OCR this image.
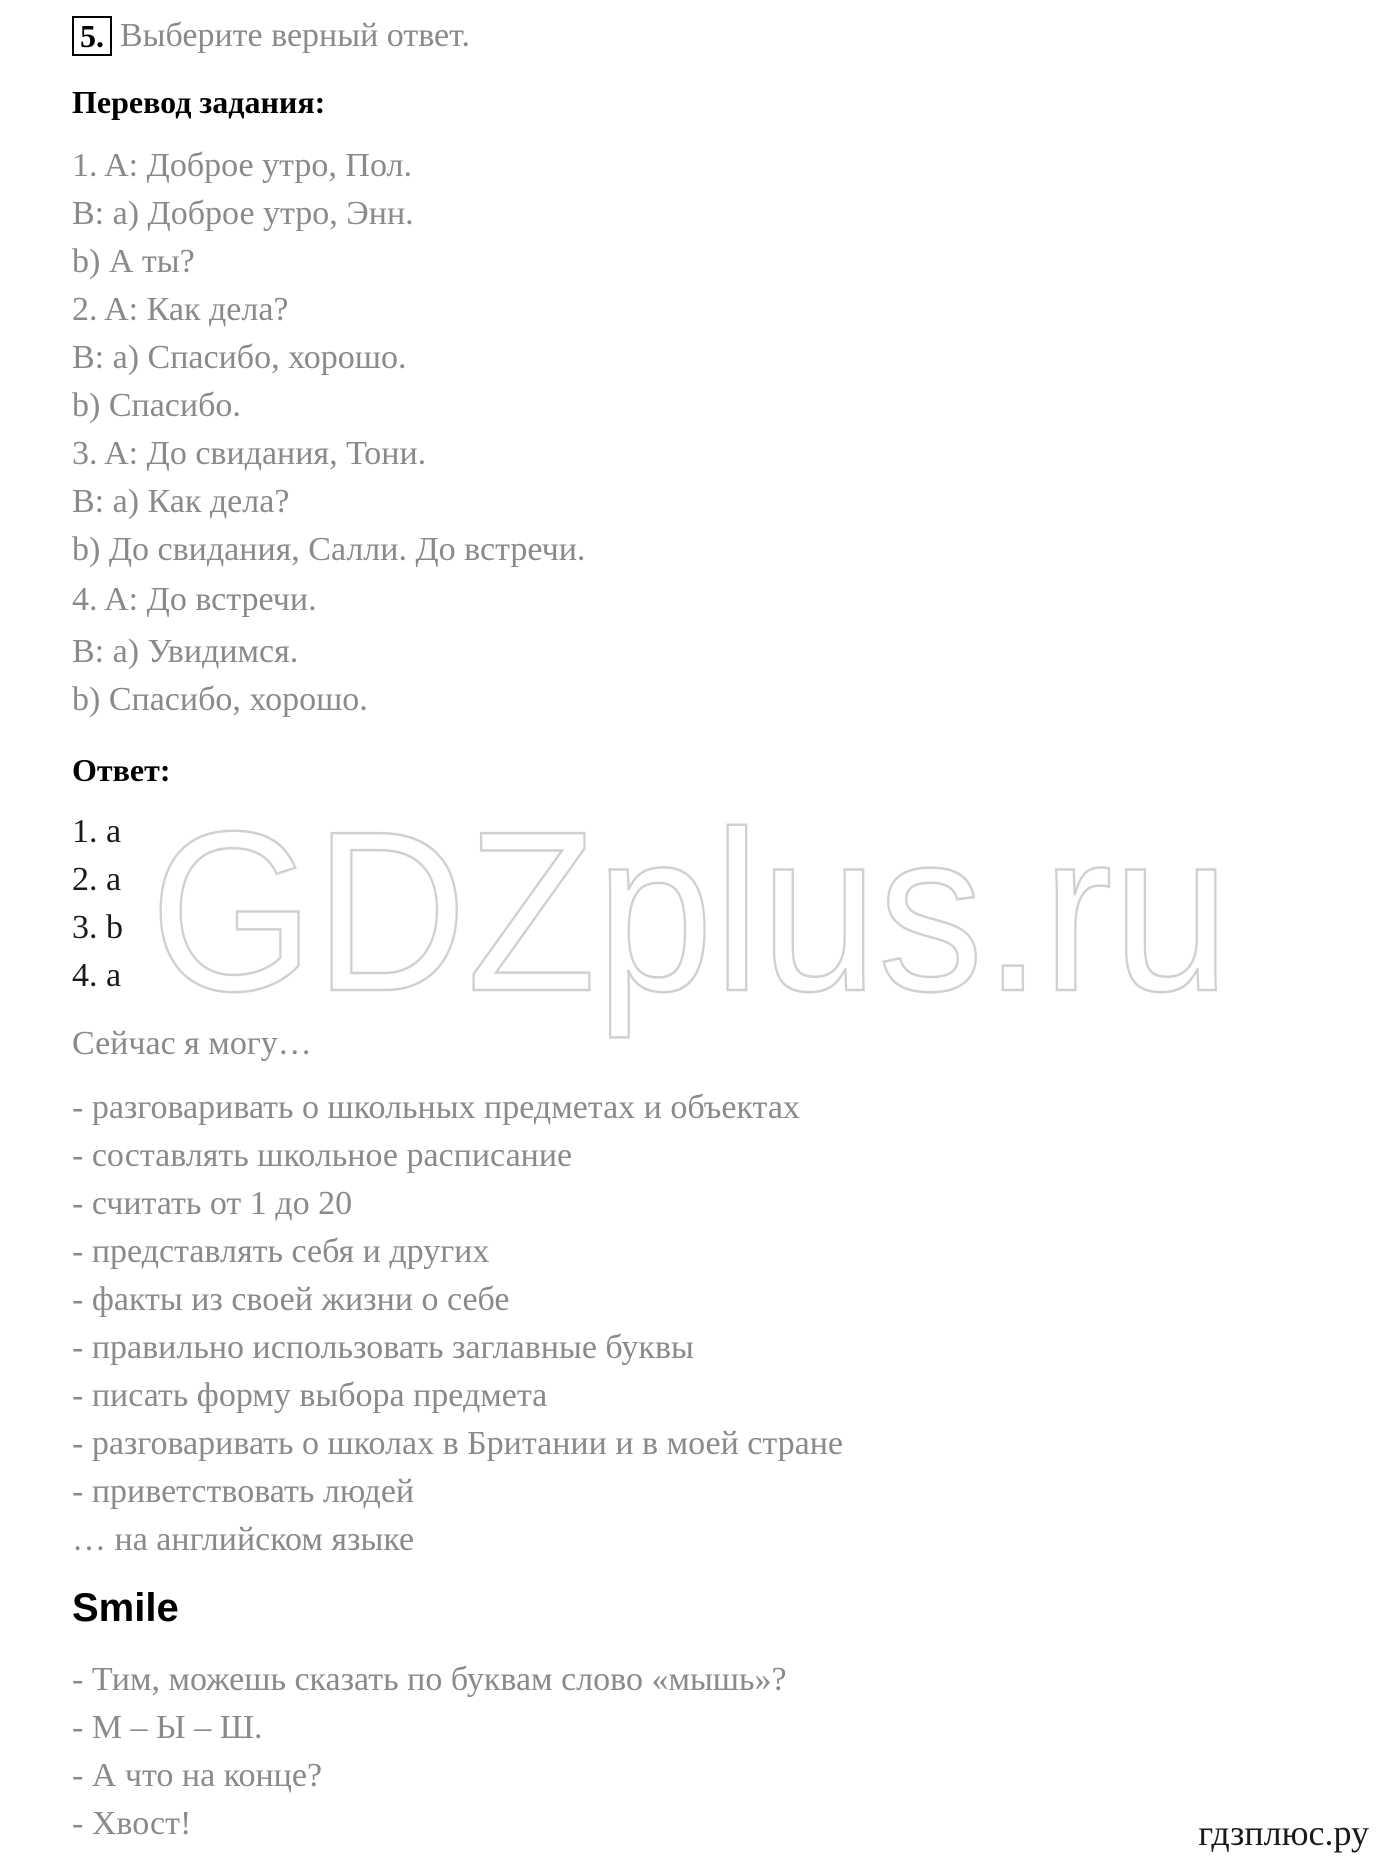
5. Выберите верный ответ.
Перевод задания:
1. A: Доброе утро, Пол.
B: a) Доброе утро, Энн.
b) А ты?
2. A: Как дела?
B: a) Спасибо, хорошо.
b) Спасибо.
3. A: До свидания, Тони.
B: a) Как дела?
b) До свидания, Салли. До встречи.
4. A: До встречи.
B: a) Увидимся.
b) Спасибо, хорошо.
Ответ:
1. a
2. a
3. b
4. a
Сейчас я могу…
- разговаривать о школьных предметах и объектах
- составлять школьное расписание
- считать от 1 до 20
- представлять себя и других
- факты из своей жизни о себе
- правильно использовать заглавные буквы
- писать форму выбора предмета
- разговаривать о школах в Британии и в моей стране
- приветствовать людей
… на английском языке
Smile
- Тим, можешь сказать по буквам слово «мышь»?
- М – Ы – Ш.
- А что на конце?
- Хвост!
GDZplus.ru
гдзплюс.ру
